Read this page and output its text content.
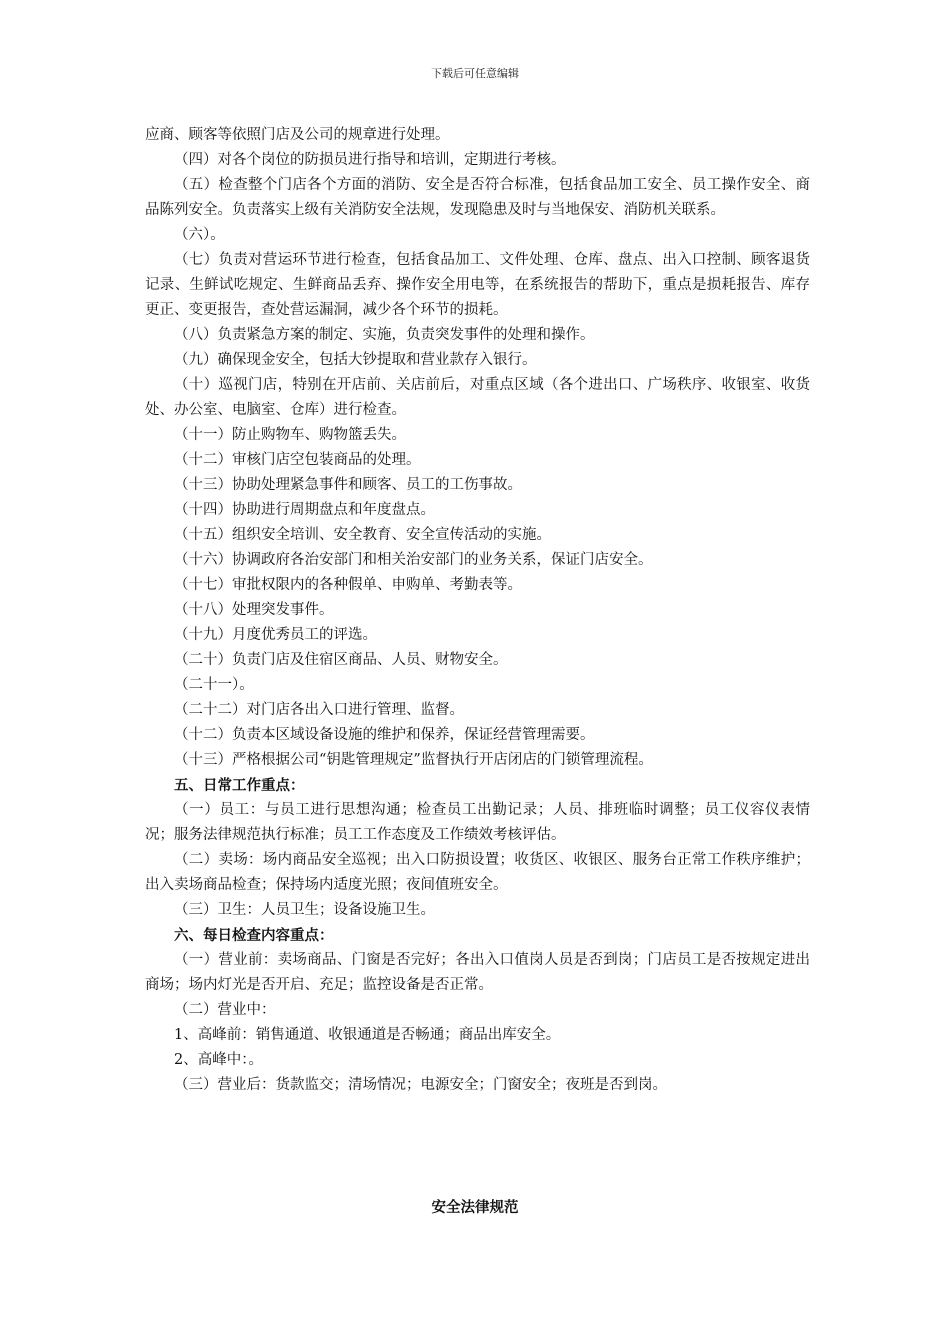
下载后可任意编辑

应商、顾客等依照门店及公司的规章进行处理。

（四）对各个岗位的防损员进行指导和培训，定期进行考核。

（五）检查整个门店各个方面的消防、安全是否符合标准，包括食品加工安全、员工操作安全、商品陈列安全。负责落实上级有关消防安全法规，发现隐患及时与当地保安、消防机关联系。

（六）。

（七）负责对营运环节进行检查，包括食品加工、文件处理、仓库、盘点、出入口控制、顾客退货记录、生鲜试吃规定、生鲜商品丢弃、操作安全用电等，在系统报告的帮助下，重点是损耗报告、库存更正、变更报告，查处营运漏洞，减少各个环节的损耗。

（八）负责紧急方案的制定、实施，负责突发事件的处理和操作。

（九）确保现金安全，包括大钞提取和营业款存入银行。

（十）巡视门店，特别在开店前、关店前后，对重点区域（各个进出口、广场秩序、收银室、收货处、办公室、电脑室、仓库）进行检查。

（十一）防止购物车、购物篮丢失。

（十二）审核门店空包装商品的处理。

（十三）协助处理紧急事件和顾客、员工的工伤事故。

（十四）协助进行周期盘点和年度盘点。

（十五）组织安全培训、安全教育、安全宣传活动的实施。

（十六）协调政府各治安部门和相关治安部门的业务关系，保证门店安全。

（十七）审批权限内的各种假单、申购单、考勤表等。

（十八）处理突发事件。

（十九）月度优秀员工的评选。

（二十）负责门店及住宿区商品、人员、财物安全。

（二十一）。

（二十二）对门店各出入口进行管理、监督。

（十二）负责本区域设备设施的维护和保养，保证经营管理需要。

（十三）严格根据公司“钥匙管理规定”监督执行开店闭店的门锁管理流程。

五、日常工作重点：

（一）员工：与员工进行思想沟通；检查员工出勤记录；人员、排班临时调整；员工仪容仪表情况；服务法律规范执行标准；员工工作态度及工作绩效考核评估。

（二）卖场：场内商品安全巡视；出入口防损设置；收货区、收银区、服务台正常工作秩序维护；出入卖场商品检查；保持场内适度光照；夜间值班安全。

（三）卫生：人员卫生；设备设施卫生。

六、每日检查内容重点：

（一）营业前：卖场商品、门窗是否完好；各出入口值岗人员是否到岗；门店员工是否按规定进出商场；场内灯光是否开启、充足；监控设备是否正常。

（二）营业中：

1、高峰前：销售通道、收银通道是否畅通；商品出库安全。

2、高峰中：。

（三）营业后：货款监交；清场情况；电源安全；门窗安全；夜班是否到岗。

安全法律规范
